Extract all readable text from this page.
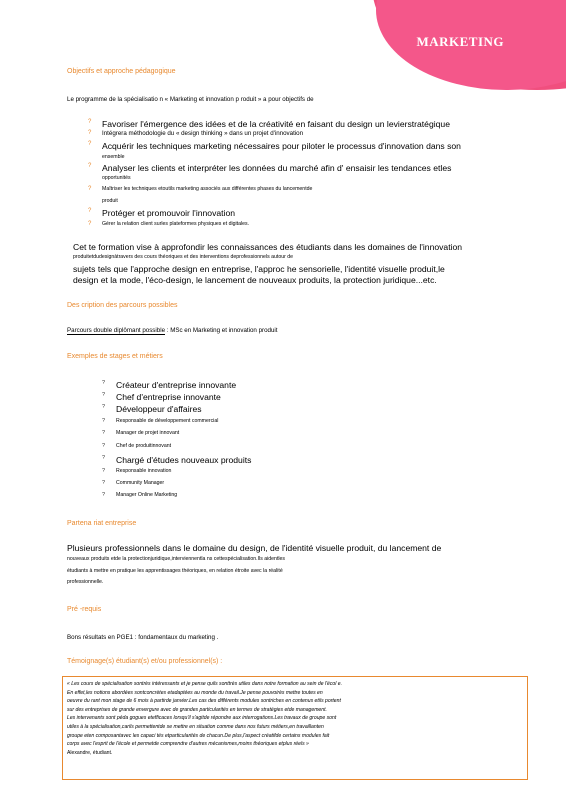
MARKETING
Objectifs et approche pédagogique
Le programme de la spécialisatio n « Marketing et innovation p roduit » a pour objectifs de
? Favoriser l'émergence des idées et de la créativité en faisant du design un levierstratégique
? Intégrera méthodologie du « design thinking » dans un projet d'innovation
? Acquérir les techniques marketing nécessaires pour piloter le processus d'innovation dans son
ensemble
? Analyser les clients et interpréter les données du marché afin d' ensaisir les tendances etles
opportunités
? Maîtriser les techniques etoutils marketing associés aux différentes phases du lancementde
produit
? Protéger et promouvoir l'innovation
? Gérer la relation client surles plateformes physiques et digitales.
Cet te formation vise à approfondir les connaissances des étudiants dans les domaines de l'innovation
produitetdudesignàtravers des cours théoriques et des interventions deprofessionnels autour de
sujets tels que l'approche design en entreprise, l'approc he sensorielle, l'identité visuelle produit,le
design et la mode, l'éco-design, le lancement de nouveaux produits, la protection juridique...etc.
Des cription des parcours possibles
Parcours double diplômant possible : MSc en Marketing et innovation produit
Exemples de stages et métiers
? Créateur d'entreprise innovante
? Chef d'entreprise innovante
? Développeur d'affaires
? Responsable de développement commercial
? Manager de projet innovant
? Chef de produitinnovant
? Chargé d'études nouveaux produits
? Responsable innovation
? Community Manager
? Manager Online Marketing
Partena riat entreprise
Plusieurs professionnels dans le domaine du design, de l'identité visuelle produit, du lancement de
nouveaux produits etde la protectionjuridique,interviennentla ns cettespécialisation.Ils aidentles
étudiants à mettre en pratique les apprentissages théoriques, en relation étroite avec la réalité
professionnelle.
Pré -requis
Bons résultats en PGE1 : fondamentaux du marketing .
Témoignage(s) étudiant(s) et/ou professionnel(s) :
« Les cours de spécialisation sontrès intéressants et je pense quils sonttrès utiles dans notre formation au sein de l'écol e.
En effet,les notions abordées sontconcrètes etadaptées au monde du travail.Je pense pouvoirès mettre toutes en
oeuvre du rant mon stage de 6 mois à partirde janvier.Les cas des différents modules sontriches en contenus etils portent
sur des entreprises de grande envergure avec de grandes particularités en termes de stratégies etde management.
Les intervenants sont péda gogues etefficaces lorsqu'il s'agitde répondre aux interrogations.Les travaux de groupe sont
utiles à la spécialisation,carils permettentde se mettre en situation comme dans nos futurs métiers,en travaillanten
groupe eten composantavec les capaci tés etparticularités de chacun.De plus,l'aspect créatifde certains modules fait
corps avec l'esprit de l'école et permetde comprendre d'autres mécanismes,moins théoriques etplus réels »
Alexandre, étudiant.
